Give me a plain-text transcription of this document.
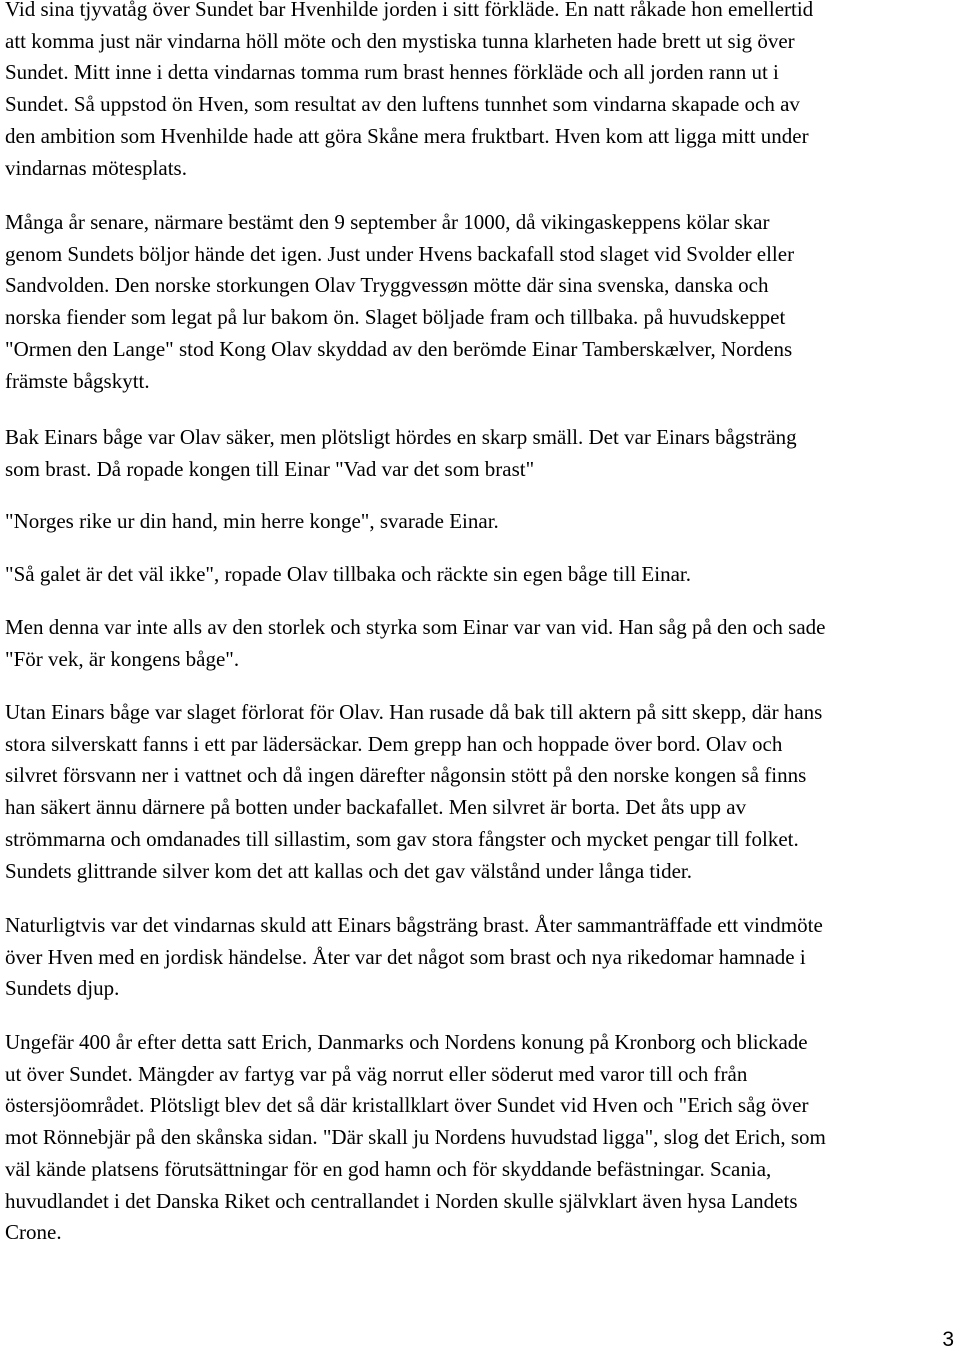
Vid sina tjyvatåg över Sundet bar Hvenhilde jorden i sitt förkläde. En natt råkade hon emellertid
att komma just när vindarna höll möte och den mystiska tunna klarheten hade brett ut sig över
Sundet. Mitt inne i detta vindarnas tomma rum brast hennes förkläde och all jorden rann ut i
Sundet. Så uppstod ön Hven, som resultat av den luftens tunnhet som vindarna skapade och av
den ambition som Hvenhilde hade att göra Skåne mera fruktbart. Hven kom att ligga mitt under
vindarnas mötesplats.

Många år senare, närmare bestämt den 9 september år 1000, då vikingaskeppens kölar skar
genom Sundets böljor hände det igen. Just under Hvens backafall stod slaget vid Svolder eller
Sandvolden. Den norske storkungen Olav Tryggvessøn mötte där sina svenska, danska och
norska fiender som legat på lur bakom ön. Slaget böljade fram och tillbaka. på huvudskeppet
"Ormen den Lange" stod Kong Olav skyddad av den berömde Einar Tamberskælver, Nordens
främste bågskytt.

Bak Einars båge var Olav säker, men plötsligt hördes en skarp smäll. Det var Einars bågsträng
som brast. Då ropade kongen till Einar "Vad var det som brast"

"Norges rike ur din hand, min herre konge", svarade Einar.

"Så galet är det väl ikke", ropade Olav tillbaka och räckte sin egen båge till Einar.

Men denna var inte alls av den storlek och styrka som Einar var van vid. Han såg på den och sade
"För vek, är kongens båge".

Utan Einars båge var slaget förlorat för Olav. Han rusade då bak till aktern på sitt skepp, där hans
stora silverskatt fanns i ett par lädersäckar. Dem grepp han och hoppade över bord. Olav och
silvret försvann ner i vattnet och då ingen därefter någonsin stött på den norske kongen så finns
han säkert ännu därnere på botten under backafallet. Men silvret är borta. Det åts upp av
strömmarna och omdanades till sillastim, som gav stora fångster och mycket pengar till folket.
Sundets glittrande silver kom det att kallas och det gav välstånd under långa tider.

Naturligtvis var det vindarnas skuld att Einars bågsträng brast. Åter sammanträffade ett vindmöte
över Hven med en jordisk händelse. Åter var det något som brast och nya rikedomar hamnade i
Sundets djup.

Ungefär 400 år efter detta satt Erich, Danmarks och Nordens konung på Kronborg och blickade
ut över Sundet. Mängder av fartyg var på väg norrut eller söderut med varor till och från
östersjöområdet. Plötsligt blev det så där kristallklart över Sundet vid Hven och "Erich såg över
mot Rönnebjär på den skånska sidan. "Där skall ju Nordens huvudstad ligga", slog det Erich, som
väl kände platsens förutsättningar för en god hamn och för skyddande befästningar. Scania,
huvudlandet i det Danska Riket och centrallandet i Norden skulle självklart även hysa Landets
Crone.

3
